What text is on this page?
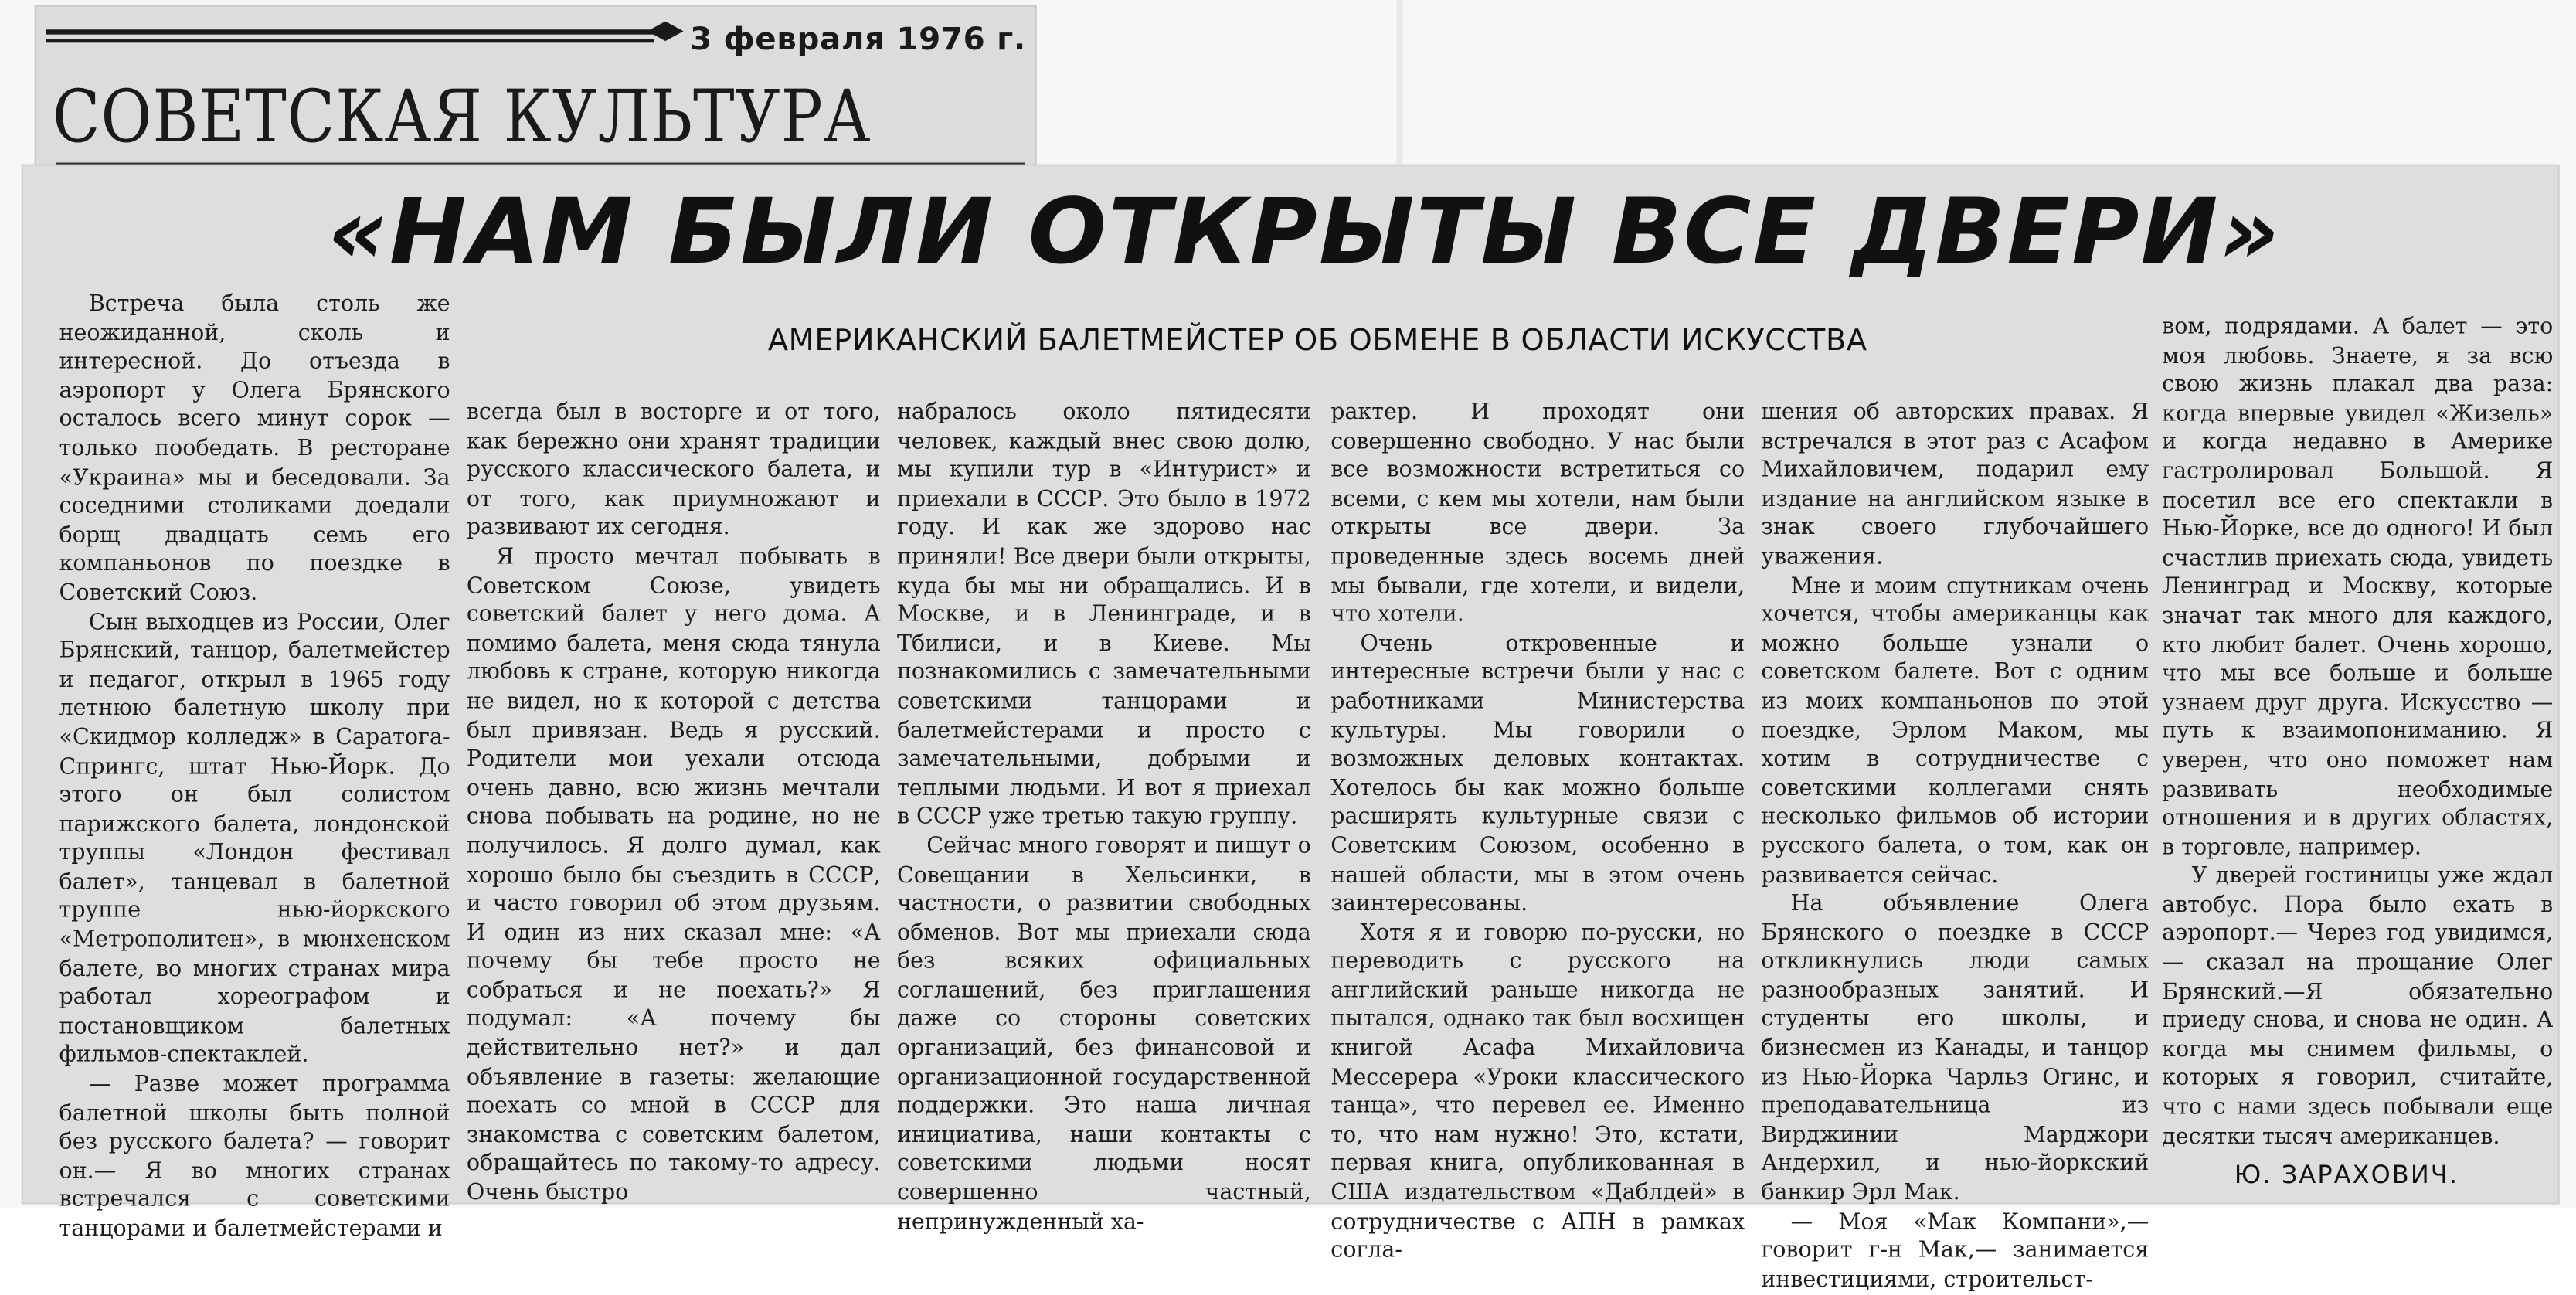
3 февраля 1976 г.
СОВЕТСКАЯ КУЛЬТУРА
«НАМ БЫЛИ ОТКРЫТЫ ВСЕ ДВЕРИ»
АМЕРИКАНСКИЙ БАЛЕТМЕЙСТЕР ОБ ОБМЕНЕ В ОБЛАСТИ ИСКУССТВА

Встреча была столь же неожиданной, сколь и интересной. До отъезда в аэропорт у Олега Брянского осталось всего минут сорок — только пообедать. В ресторане «Украина» мы и беседовали. За соседними столиками доедали борщ двадцать семь его компаньонов по поездке в Советский Союз.

Сын выходцев из России, Олег Брянский, танцор, балетмейстер и педагог, открыл в 1965 году летнюю балетную школу при «Скидмор колледж» в Саратога-Спрингс, штат Нью-Йорк. До этого он был солистом парижского балета, лондонской труппы «Лондон фестивал балет», танцевал в балетной труппе нью-йоркского «Метрополитен», в мюнхенском балете, во многих странах мира работал хореографом и постановщиком балетных фильмов-спектаклей.

— Разве может программа балетной школы быть полной без русского балета? — говорит он.— Я во многих странах встречался с советскими танцорами и балетмейстерами и

всегда был в восторге и от того, как бережно они хранят традиции русского классического балета, и от того, как приумножают и развивают их сегодня.

Я просто мечтал побывать в Советском Союзе, увидеть советский балет у него дома. А помимо балета, меня сюда тянула любовь к стране, которую никогда не видел, но к которой с детства был привязан. Ведь я русский. Родители мои уехали отсюда очень давно, всю жизнь мечтали снова побывать на родине, но не получилось. Я долго думал, как хорошо было бы съездить в СССР, и часто говорил об этом друзьям. И один из них сказал мне: «А почему бы тебе просто не собраться и не поехать?» Я подумал: «А почему бы действительно нет?» и дал объявление в газеты: желающие поехать со мной в СССР для знакомства с советским балетом, обращайтесь по такому-то адресу. Очень быстро

набралось около пятидесяти человек, каждый внес свою долю, мы купили тур в «Интурист» и приехали в СССР. Это было в 1972 году. И как же здорово нас приняли! Все двери были открыты, куда бы мы ни обращались. И в Москве, и в Ленинграде, и в Тбилиси, и в Киеве. Мы познакомились с замечательными советскими танцорами и балетмейстерами и просто с замечательными, добрыми и теплыми людьми. И вот я приехал в СССР уже третью такую группу.

Сейчас много говорят и пишут о Совещании в Хельсинки, в частности, о развитии свободных обменов. Вот мы приехали сюда без всяких официальных соглашений, без приглашения даже со стороны советских организаций, без финансовой и организационной государственной поддержки. Это наша личная инициатива, наши контакты с советскими людьми носят совершенно частный, непринужденный ха-

рактер. И проходят они совершенно свободно. У нас были все возможности встретиться со всеми, с кем мы хотели, нам были открыты все двери. За проведенные здесь восемь дней мы бывали, где хотели, и видели, что хотели.

Очень откровенные и интересные встречи были у нас с работниками Министерства культуры. Мы говорили о возможных деловых контактах. Хотелось бы как можно больше расширять культурные связи с Советским Союзом, особенно в нашей области, мы в этом очень заинтересованы.

Хотя я и говорю по-русски, но переводить с русского на английский раньше никогда не пытался, однако так был восхищен книгой Асафа Михайловича Мессерера «Уроки классического танца», что перевел ее. Именно то, что нам нужно! Это, кстати, первая книга, опубликованная в США издательством «Даблдей» в сотрудничестве с АПН в рамках согла-

шения об авторских правах. Я встречался в этот раз с Асафом Михайловичем, подарил ему издание на английском языке в знак своего глубочайшего уважения.

Мне и моим спутникам очень хочется, чтобы американцы как можно больше узнали о советском балете. Вот с одним из моих компаньонов по этой поездке, Эрлом Маком, мы хотим в сотрудничестве с советскими коллегами снять несколько фильмов об истории русского балета, о том, как он развивается сейчас.

На объявление Олега Брянского о поездке в СССР откликнулись люди самых разнообразных занятий. И студенты его школы, и бизнесмен из Канады, и танцор из Нью-Йорка Чарльз Огинс, и преподавательница из Вирджинии Марджори Андерхил, и нью-йоркский банкир Эрл Мак.

— Моя «Мак Компани»,—говорит г-н Мак,— занимается инвестициями, строительст-

вом, подрядами. А балет — это моя любовь. Знаете, я за всю свою жизнь плакал два раза: когда впервые увидел «Жизель» и когда недавно в Америке гастролировал Большой. Я посетил все его спектакли в Нью-Йорке, все до одного! И был счастлив приехать сюда, увидеть Ленинград и Москву, которые значат так много для каждого, кто любит балет. Очень хорошо, что мы все больше и больше узнаем друг друга. Искусство — путь к взаимопониманию. Я уверен, что оно поможет нам развивать необходимые отношения и в других областях, в торговле, например.

У дверей гостиницы уже ждал автобус. Пора было ехать в аэропорт.— Через год увидимся,— сказал на прощание Олег Брянский.—Я обязательно приеду снова, и снова не один. А когда мы снимем фильмы, о которых я говорил, считайте, что с нами здесь побывали еще десятки тысяч американцев.

Ю. ЗАРАХОВИЧ.
